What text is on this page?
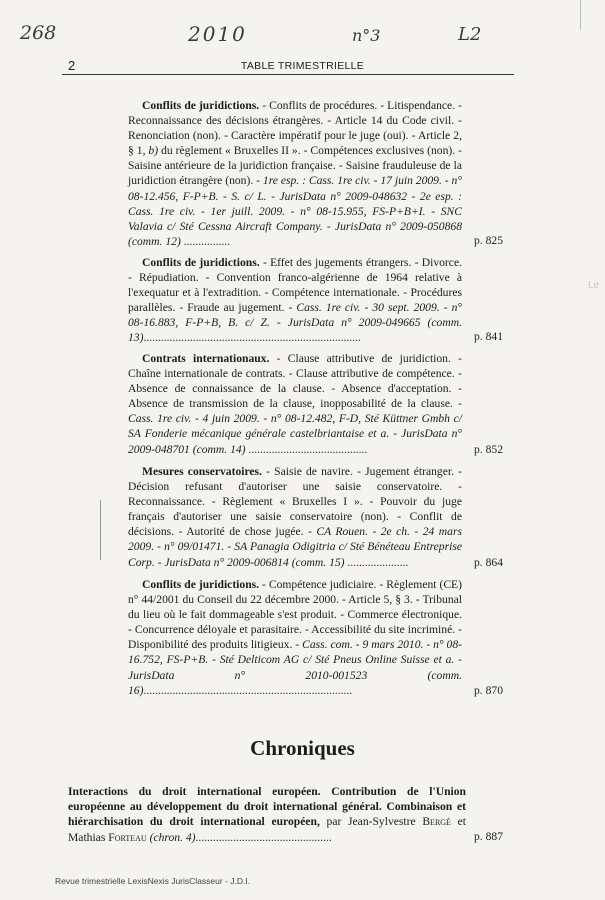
268	2010	n°3	L2
Le
2	TABLE TRIMESTRIELLE
Conflits de juridictions. - Conflits de procédures. - Litispendance. - Reconnaissance des décisions étrangères. - Article 14 du Code civil. - Renonciation (non). - Caractère impératif pour le juge (oui). - Article 2, § 1, b) du règlement « Bruxelles II ». - Compétences exclusives (non). - Saisine antérieure de la juridiction française. - Saisine frauduleuse de la juridiction étrangère (non). - 1re esp. : Cass. 1re civ. - 17 juin 2009. - n° 08-12.456, F-P+B. - S. c/ L. - JurisData n° 2009-048632 - 2e esp. : Cass. 1re civ. - 1er juill. 2009. - n° 08-15.955, FS-P+B+I. - SNC Valavia c/ Sté Cessna Aircraft Company. - JurisData n° 2009-050868 (comm. 12) ................	p. 825
Conflits de juridictions. - Effet des jugements étrangers. - Divorce. - Répudiation. - Convention franco-algérienne de 1964 relative à l'exequatur et à l'extradition. - Compétence internationale. - Procédures parallèles. - Fraude au jugement. - Cass. 1re civ. - 30 sept. 2009. - n° 08-16.883, F-P+B, B. c/ Z. - JurisData n° 2009-049665 (comm. 13)...........................................................................	p. 841
Contrats internationaux. - Clause attributive de juridiction. - Chaîne internationale de contrats. - Clause attributive de compétence. - Absence de connaissance de la clause. - Absence d'acceptation. - Absence de transmission de la clause, inopposabilité de la clause. - Cass. 1re civ. - 4 juin 2009. - n° 08-12.482, F-D, Sté Küttner Gmbh c/ SA Fonderie mécanique générale castelbriantaise et a. - JurisData n° 2009-048701 (comm. 14) .........................................	p. 852
Mesures conservatoires. - Saisie de navire. - Jugement étranger. - Décision refusant d'autoriser une saisie conservatoire. - Reconnaissance. - Règlement « Bruxelles I ». - Pouvoir du juge français d'autoriser une saisie conservatoire (non). - Conflit de décisions. - Autorité de chose jugée. - CA Rouen. - 2e ch. - 24 mars 2009. - n° 09/01471. - SA Panagia Odigitria c/ Sté Bénéteau Entreprise Corp. - JurisData n° 2009-006814 (comm. 15) .....................	p. 864
Conflits de juridictions. - Compétence judiciaire. - Règlement (CE) n° 44/2001 du Conseil du 22 décembre 2000. - Article 5, § 3. - Tribunal du lieu où le fait dommageable s'est produit. - Commerce électronique. - Concurrence déloyale et parasitaire. - Accessibilité du site incriminé. - Disponibilité des produits litigieux. - Cass. com. - 9 mars 2010. - n° 08-16.752, FS-P+B. - Sté Delticom AG c/ Sté Pneus Online Suisse et a. - JurisData n° 2010-001523 (comm. 16)........................................................................	p. 870
Chroniques
Interactions du droit international européen. Contribution de l'Union européenne au développement du droit international général. Combinaison et hiérarchisation du droit international européen, par Jean-Sylvestre Bergé et Mathias Forteau (chron. 4)...............................................	p. 887
Revue trimestrielle LexisNexis JurisClasseur - J.D.I.
